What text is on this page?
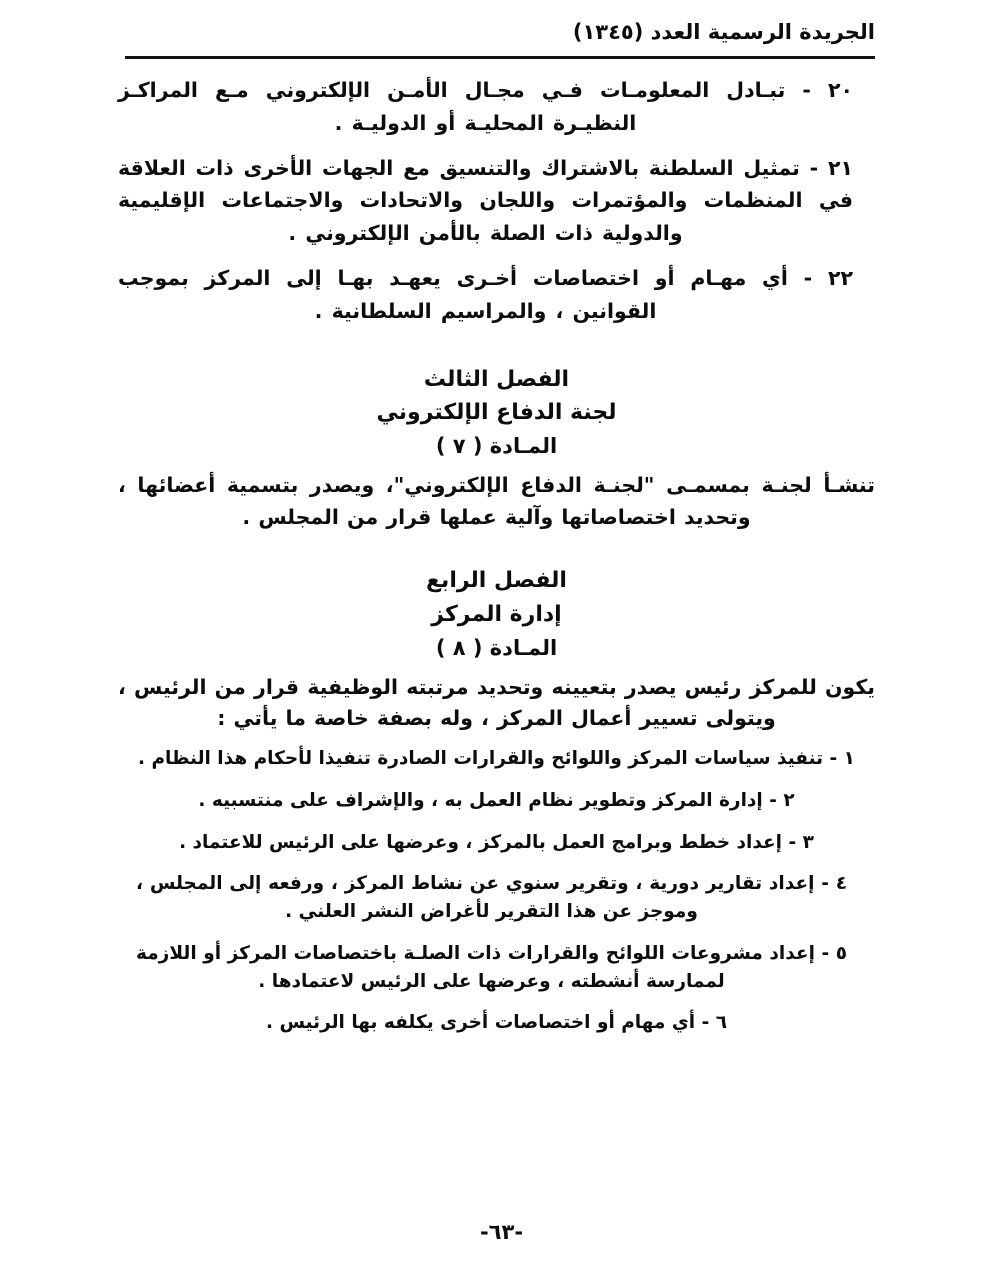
الجريدة الرسمية العدد (١٣٤٥)
٢٠ - تبـادل المعلومـات فـي مجـال الأمـن الإلكتروني مـع المراكـز النظيـرة المحليـة أو الدوليـة .
٢١ - تمثيل السلطنة بالاشتراك والتنسيق مع الجهات الأخرى ذات العلاقة في المنظمات والمؤتمرات واللجان والاتحادات والاجتماعات الإقليمية والدولية ذات الصلة بالأمن الإلكتروني .
٢٢ - أي مهـام أو اختصاصات أخـرى يعهـد بهـا إلى المركز بموجب القوانين ، والمراسيم السلطانية .
الفصل الثالث
لجنة الدفاع الإلكتروني
المـادة ( ٧ )
تنشـأ لجنـة بمسمـى "لجنـة الدفاع الإلكتروني"، ويصدر بتسمية أعضائها ، وتحديد اختصاصاتها وآلية عملها قرار من المجلس .
الفصل الرابع
إدارة المركز
المـادة ( ٨ )
يكون للمركز رئيس يصدر بتعيينه وتحديد مرتبته الوظيفية قرار من الرئيس ، ويتولى تسيير أعمال المركز ، وله بصفة خاصة ما يأتي :
١ - تنفيذ سياسات المركز واللوائح والقرارات الصادرة تنفيذا لأحكام هذا النظام .
٢ - إدارة المركز وتطوير نظام العمل به ، والإشراف على منتسبيه .
٣ - إعداد خطط وبرامج العمل بالمركز ، وعرضها على الرئيس للاعتماد .
٤ - إعداد تقارير دورية ، وتقرير سنوي عن نشاط المركز ، ورفعه إلى المجلس ، وموجز عن هذا التقرير لأغراض النشر العلني .
٥ - إعداد مشروعات اللوائح والقرارات ذات الصلـة باختصاصات المركز أو اللازمة لممارسة أنشطته ، وعرضها على الرئيس لاعتمادها .
٦ - أي مهام أو اختصاصات أخرى يكلفه بها الرئيس .
-٦٣-
